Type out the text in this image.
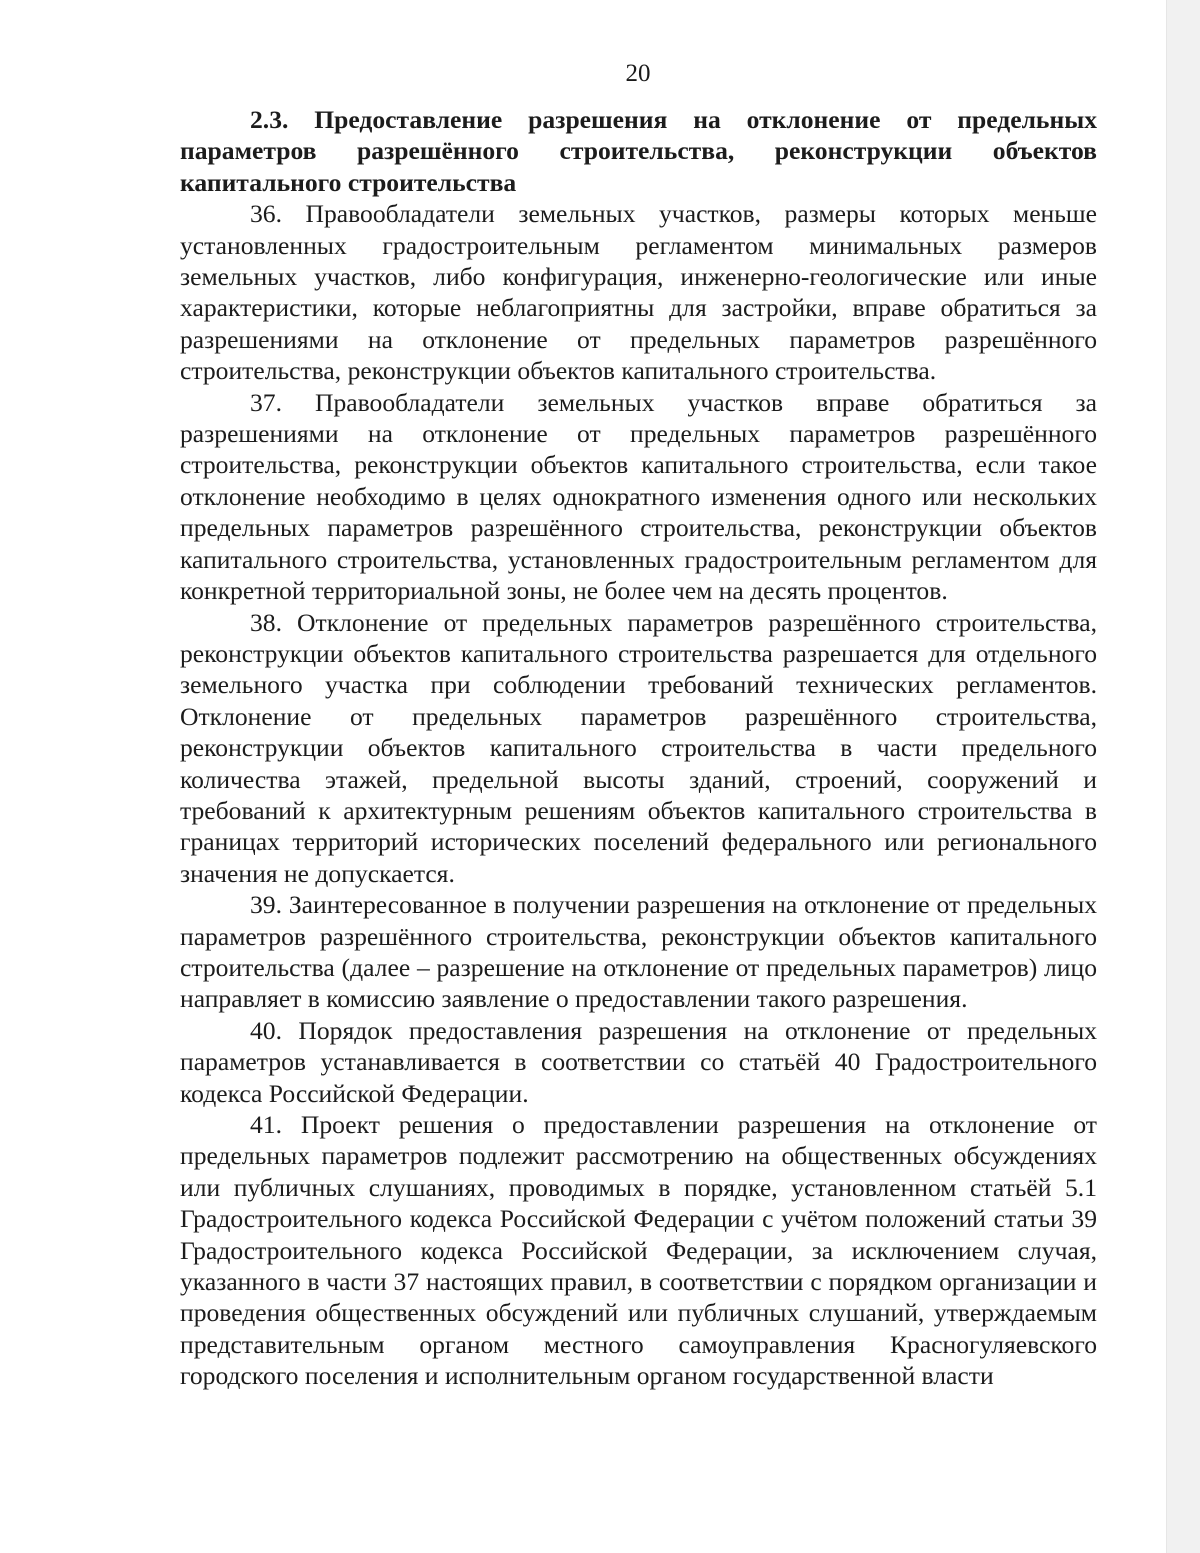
20

2.3. Предоставление разрешения на отклонение от предельных параметров разрешённого строительства, реконструкции объектов капитального строительства

36. Правообладатели земельных участков, размеры которых меньше установленных градостроительным регламентом минимальных размеров земельных участков, либо конфигурация, инженерно-геологические или иные характеристики, которые неблагоприятны для застройки, вправе обратиться за разрешениями на отклонение от предельных параметров разрешённого строительства, реконструкции объектов капитального строительства.

37. Правообладатели земельных участков вправе обратиться за разрешениями на отклонение от предельных параметров разрешённого строительства, реконструкции объектов капитального строительства, если такое отклонение необходимо в целях однократного изменения одного или нескольких предельных параметров разрешённого строительства, реконструкции объектов капитального строительства, установленных градостроительным регламентом для конкретной территориальной зоны, не более чем на десять процентов.

38. Отклонение от предельных параметров разрешённого строительства, реконструкции объектов капитального строительства разрешается для отдельного земельного участка при соблюдении требований технических регламентов. Отклонение от предельных параметров разрешённого строительства, реконструкции объектов капитального строительства в части предельного количества этажей, предельной высоты зданий, строений, сооружений и требований к архитектурным решениям объектов капитального строительства в границах территорий исторических поселений федерального или регионального значения не допускается.

39. Заинтересованное в получении разрешения на отклонение от предельных параметров разрешённого строительства, реконструкции объектов капитального строительства (далее – разрешение на отклонение от предельных параметров) лицо направляет в комиссию заявление о предоставлении такого разрешения.

40. Порядок предоставления разрешения на отклонение от предельных параметров устанавливается в соответствии со статьёй 40 Градостроительного кодекса Российской Федерации.

41. Проект решения о предоставлении разрешения на отклонение от предельных параметров подлежит рассмотрению на общественных обсуждениях или публичных слушаниях, проводимых в порядке, установленном статьёй 5.1 Градостроительного кодекса Российской Федерации с учётом положений статьи 39 Градостроительного кодекса Российской Федерации, за исключением случая, указанного в части 37 настоящих правил, в соответствии с порядком организации и проведения общественных обсуждений или публичных слушаний, утверждаемым представительным органом местного самоуправления Красногуляевского городского поселения и исполнительным органом государственной власти
